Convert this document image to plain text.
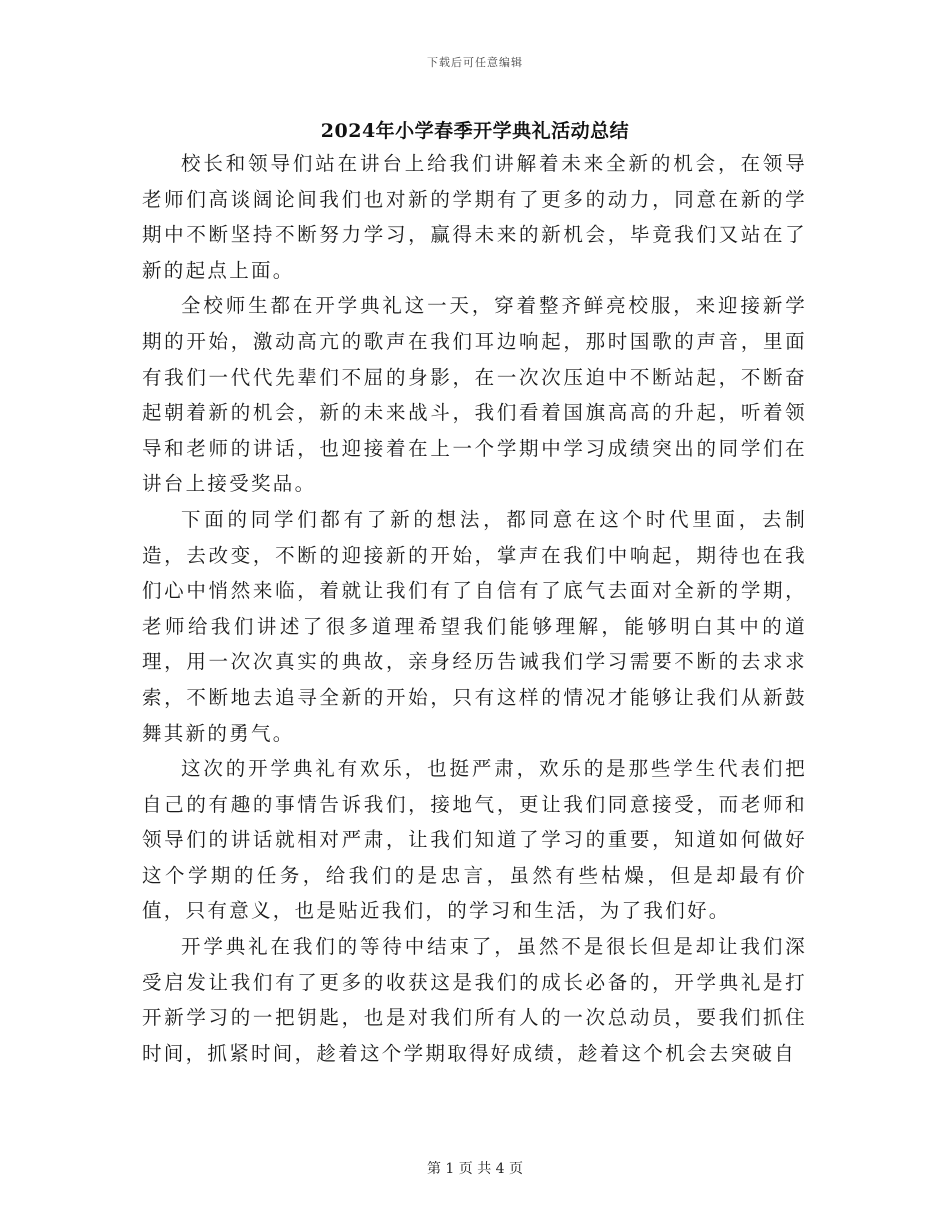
下载后可任意编辑
2024年小学春季开学典礼活动总结

校长和领导们站在讲台上给我们讲解着未来全新的机会，在领导老师们高谈阔论间我们也对新的学期有了更多的动力，同意在新的学期中不断坚持不断努力学习，赢得未来的新机会，毕竟我们又站在了新的起点上面。

全校师生都在开学典礼这一天，穿着整齐鲜亮校服，来迎接新学期的开始，激动高亢的歌声在我们耳边响起，那时国歌的声音，里面有我们一代代先辈们不屈的身影，在一次次压迫中不断站起，不断奋起朝着新的机会，新的未来战斗，我们看着国旗高高的升起，听着领导和老师的讲话，也迎接着在上一个学期中学习成绩突出的同学们在讲台上接受奖品。

下面的同学们都有了新的想法，都同意在这个时代里面，去制造，去改变，不断的迎接新的开始，掌声在我们中响起，期待也在我们心中悄然来临，着就让我们有了自信有了底气去面对全新的学期，老师给我们讲述了很多道理希望我们能够理解，能够明白其中的道理，用一次次真实的典故，亲身经历告诫我们学习需要不断的去求求索，不断地去追寻全新的开始，只有这样的情况才能够让我们从新鼓舞其新的勇气。

这次的开学典礼有欢乐，也挺严肃，欢乐的是那些学生代表们把自己的有趣的事情告诉我们，接地气，更让我们同意接受，而老师和领导们的讲话就相对严肃，让我们知道了学习的重要，知道如何做好这个学期的任务，给我们的是忠言，虽然有些枯燥，但是却最有价值，只有意义，也是贴近我们，的学习和生活，为了我们好。

开学典礼在我们的等待中结束了，虽然不是很长但是却让我们深受启发让我们有了更多的收获这是我们的成长必备的，开学典礼是打开新学习的一把钥匙，也是对我们所有人的一次总动员，要我们抓住时间，抓紧时间，趁着这个学期取得好成绩，趁着这个机会去突破自

第 1 页 共 4 页
